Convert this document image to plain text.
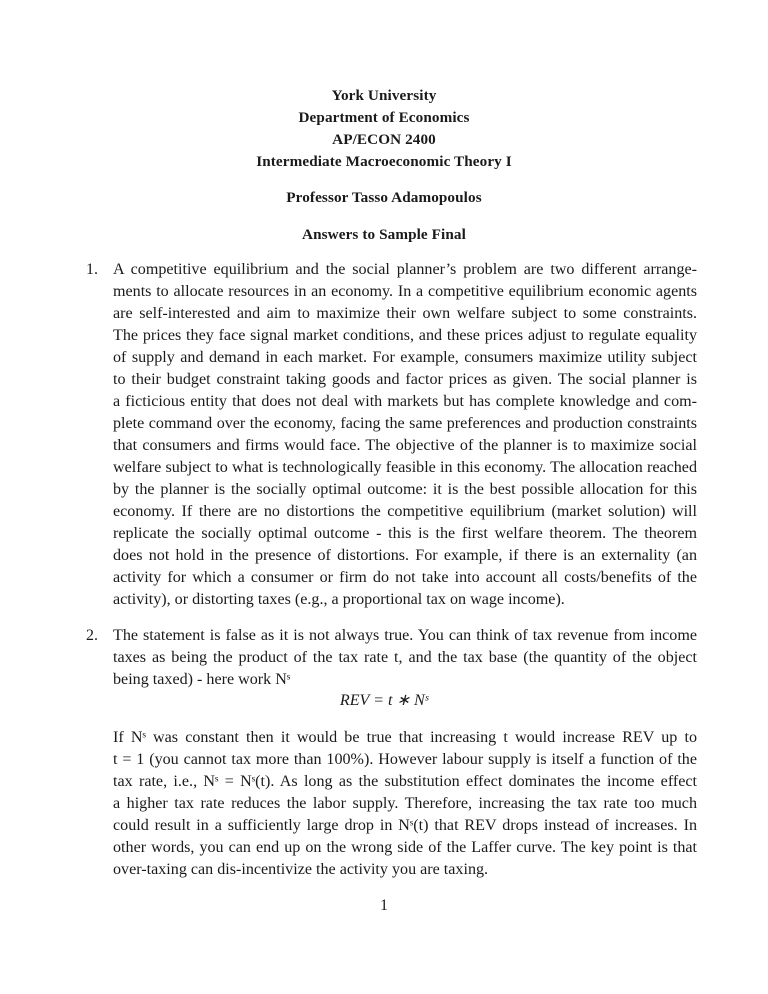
York University
Department of Economics
AP/ECON 2400
Intermediate Macroeconomic Theory I
Professor Tasso Adamopoulos
Answers to Sample Final
1. A competitive equilibrium and the social planner’s problem are two different arrange-
ments to allocate resources in an economy. In a competitive equilibrium economic agents
are self-interested and aim to maximize their own welfare subject to some constraints.
The prices they face signal market conditions, and these prices adjust to regulate equality
of supply and demand in each market. For example, consumers maximize utility subject
to their budget constraint taking goods and factor prices as given. The social planner is
a ficticious entity that does not deal with markets but has complete knowledge and com-
plete command over the economy, facing the same preferences and production constraints
that consumers and firms would face. The objective of the planner is to maximize social
welfare subject to what is technologically feasible in this economy. The allocation reached
by the planner is the socially optimal outcome: it is the best possible allocation for this
economy. If there are no distortions the competitive equilibrium (market solution) will
replicate the socially optimal outcome - this is the first welfare theorem. The theorem
does not hold in the presence of distortions. For example, if there is an externality (an
activity for which a consumer or firm do not take into account all costs/benefits of the
activity), or distorting taxes (e.g., a proportional tax on wage income).
2. The statement is false as it is not always true. You can think of tax revenue from income
taxes as being the product of the tax rate t, and the tax base (the quantity of the object
being taxed) - here work Nˢ
REV = t ∗ Nˢ
If Nˢ was constant then it would be true that increasing t would increase REV up to
t = 1 (you cannot tax more than 100%). However labour supply is itself a function of the
tax rate, i.e., Nˢ = Nˢ(t). As long as the substitution effect dominates the income effect
a higher tax rate reduces the labor supply. Therefore, increasing the tax rate too much
could result in a sufficiently large drop in Nˢ(t) that REV drops instead of increases. In
other words, you can end up on the wrong side of the Laffer curve. The key point is that
over-taxing can dis-incentivize the activity you are taxing.
1
